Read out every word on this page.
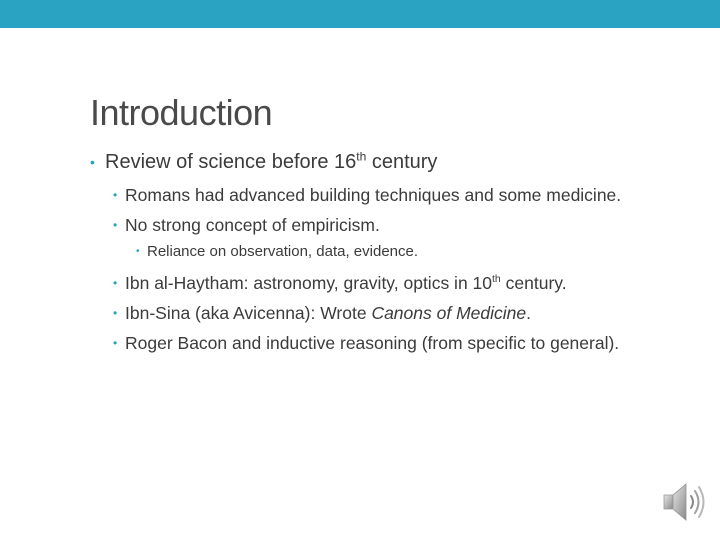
Introduction
• Review of science before 16th century
• Romans had advanced building techniques and some medicine.
• No strong concept of empiricism.
• Reliance on observation, data, evidence.
• Ibn al-Haytham: astronomy, gravity, optics in 10th century.
• Ibn-Sina (aka Avicenna): Wrote Canons of Medicine.
• Roger Bacon and inductive reasoning (from specific to general).
